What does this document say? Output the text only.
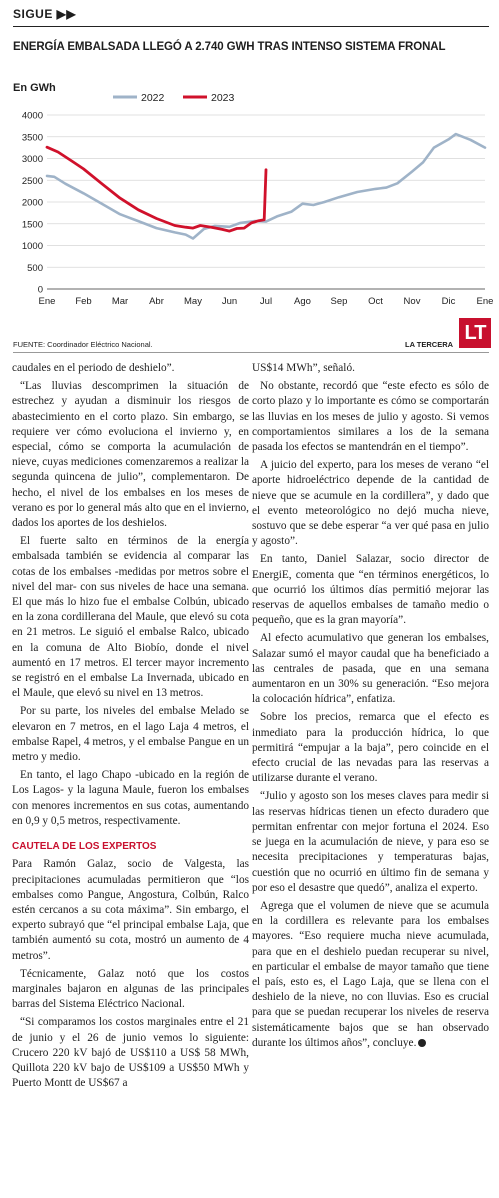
SIGUE ▶▶
ENERGÍA EMBALSADA LLEGÓ A 2.740 GWH TRAS INTENSO SISTEMA FRONAL
En GWh
0
500
1000
1500
2000
2500
3000
3500
4000
Ene Feb Mar Abr May Jun Jul Ago Sep Oct Nov Dic Ene
2022	2023
FUENTE: Coordinador Eléctrico Nacional.	LA TERCERA
LT

caudales en el periodo de deshielo”.

“Las lluvias descomprimen la situación de estrechez y ayudan a disminuir los riesgos de abastecimiento en el corto plazo. Sin embargo, se requiere ver cómo evoluciona el invierno y, en especial, cómo se comporta la acumulación de nieve, cuyas mediciones comenzaremos a realizar la segunda quincena de julio”, complementaron. De hecho, el nivel de los embalses en los meses de verano es por lo general más alto que en el invierno, dados los aportes de los deshielos.

El fuerte salto en términos de la energía embalsada también se evidencia al comparar las cotas de los embalses -medidas por metros sobre el nivel del mar- con sus niveles de hace una semana. El que más lo hizo fue el embalse Colbún, ubicado en la zona cordillerana del Maule, que elevó su cota en 21 metros. Le siguió el embalse Ralco, ubicado en la comuna de Alto Biobío, donde el nivel aumentó en 17 metros. El tercer mayor incremento se registró en el embalse La Invernada, ubicado en el Maule, que elevó su nivel en 13 metros.

Por su parte, los niveles del embalse Melado se elevaron en 7 metros, en el lago Laja 4 metros, el embalse Rapel, 4 metros, y el embalse Pangue en un metro y medio.

En tanto, el lago Chapo -ubicado en la región de Los Lagos- y la laguna Maule, fueron los embalses con menores incrementos en sus cotas, aumentando en 0,9 y 0,5 metros, respectivamente.

CAUTELA DE LOS EXPERTOS

Para Ramón Galaz, socio de Valgesta, las precipitaciones acumuladas permitieron que “los embalses como Pangue, Angostura, Colbún, Ralco estén cercanos a su cota máxima”. Sin embargo, el experto subrayó que “el principal embalse Laja, que también aumentó su cota, mostró un aumento de 4 metros”.

Técnicamente, Galaz notó que los costos marginales bajaron en algunas de las principales barras del Sistema Eléctrico Nacional.

“Si comparamos los costos marginales entre el 21 de junio y el 26 de junio vemos lo siguiente: Crucero 220 kV bajó de US$110 a US$ 58 MWh, Quillota 220 kV bajo de US$109 a US$50 MWh y Puerto Montt de US$67 a

US$14 MWh”, señaló.

No obstante, recordó que “este efecto es sólo de corto plazo y lo importante es cómo se comportarán las lluvias en los meses de julio y agosto. Si vemos comportamientos similares a los de la semana pasada los efectos se mantendrán en el tiempo”.

A juicio del experto, para los meses de verano “el aporte hidroeléctrico depende de la cantidad de nieve que se acumule en la cordillera”, y dado que el evento meteorológico no dejó mucha nieve, sostuvo que se debe esperar “a ver qué pasa en julio y agosto”.

En tanto, Daniel Salazar, socio director de EnergiE, comenta que “en términos energéticos, lo que ocurrió los últimos días permitió mejorar las reservas de aquellos embalses de tamaño medio o pequeño, que es la gran mayoría”.

Al efecto acumulativo que generan los embalses, Salazar sumó el mayor caudal que ha beneficiado a las centrales de pasada, que en una semana aumentaron en un 30% su generación. “Eso mejora la colocación hídrica”, enfatiza.

Sobre los precios, remarca que el efecto es inmediato para la producción hídrica, lo que permitirá “empujar a la baja”, pero coincide en el efecto crucial de las nevadas para las reservas a utilizarse durante el verano.

“Julio y agosto son los meses claves para medir si las reservas hídricas tienen un efecto duradero que permitan enfrentar con mejor fortuna el 2024. Eso se juega en la acumulación de nieve, y para eso se necesita precipitaciones y temperaturas bajas, cuestión que no ocurrió en último fin de semana y por eso el desastre que quedó”, analiza el experto.

Agrega que el volumen de nieve que se acumula en la cordillera es relevante para los embalses mayores. “Eso requiere mucha nieve acumulada, para que en el deshielo puedan recuperar su nivel, en particular el embalse de mayor tamaño que tiene el país, esto es, el Lago Laja, que se llena con el deshielo de la nieve, no con lluvias. Eso es crucial para que se puedan recuperar los niveles de reserva sistemáticamente bajos que se han observado durante los últimos años”, concluye.
